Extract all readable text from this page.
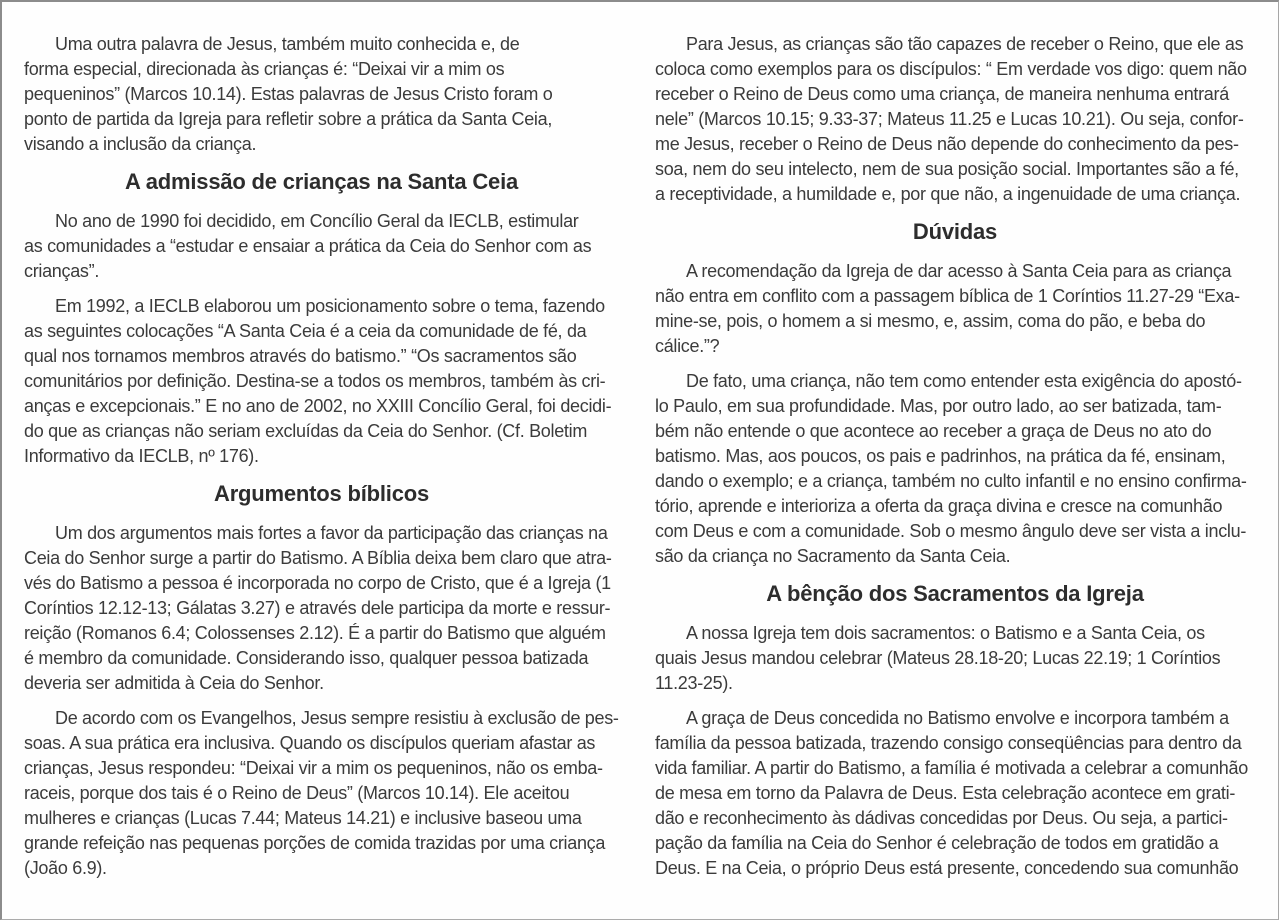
Uma outra palavra de Jesus, também muito conhecida e, de
forma especial, direcionada às crianças é: “Deixai vir a mim os
pequeninos” (Marcos 10.14). Estas palavras de Jesus Cristo foram o
ponto de partida da Igreja para refletir sobre a prática da Santa Ceia,
visando a inclusão da criança.
A admissão de crianças na Santa Ceia
No ano de 1990 foi decidido, em Concílio Geral da IECLB, estimular
as comunidades a “estudar e ensaiar a prática da Ceia do Senhor com as
crianças”.
Em 1992, a IECLB elaborou um posicionamento sobre o tema, fazendo
as seguintes colocações “A Santa Ceia é a ceia da comunidade de fé, da
qual nos tornamos membros através do batismo.” “Os sacramentos são
comunitários por definição. Destina-se a todos os membros, também às cri-
anças e excepcionais.” E no ano de 2002, no XXIII Concílio Geral, foi decidi-
do que as crianças não seriam excluídas da Ceia do Senhor. (Cf. Boletim
Informativo da IECLB, nº 176).
Argumentos bíblicos
Um dos argumentos mais fortes a favor da participação das crianças na
Ceia do Senhor surge a partir do Batismo. A Bíblia deixa bem claro que atra-
vés do Batismo a pessoa é incorporada no corpo de Cristo, que é a Igreja (1
Coríntios 12.12-13; Gálatas 3.27) e através dele participa da morte e ressur-
reição (Romanos 6.4; Colossenses 2.12). É a partir do Batismo que alguém
é membro da comunidade. Considerando isso, qualquer pessoa batizada
deveria ser admitida à Ceia do Senhor.
De acordo com os Evangelhos, Jesus sempre resistiu à exclusão de pes-
soas. A sua prática era inclusiva. Quando os discípulos queriam afastar as
crianças, Jesus respondeu: “Deixai vir a mim os pequeninos, não os emba-
raceis, porque dos tais é o Reino de Deus” (Marcos 10.14). Ele aceitou
mulheres e crianças (Lucas 7.44; Mateus 14.21) e inclusive baseou uma
grande refeição nas pequenas porções de comida trazidas por uma criança
(João 6.9).
Para Jesus, as crianças são tão capazes de receber o Reino, que ele as
coloca como exemplos para os discípulos: “ Em verdade vos digo: quem não
receber o Reino de Deus como uma criança, de maneira nenhuma entrará
nele” (Marcos 10.15; 9.33-37; Mateus 11.25 e Lucas 10.21). Ou seja, confor-
me Jesus, receber o Reino de Deus não depende do conhecimento da pes-
soa, nem do seu intelecto, nem de sua posição social. Importantes são a fé,
a receptividade, a humildade e, por que não, a ingenuidade de uma criança.
Dúvidas
A recomendação da Igreja de dar acesso à Santa Ceia para as criança
não entra em conflito com a passagem bíblica de 1 Coríntios 11.27-29 “Exa-
mine-se, pois, o homem a si mesmo, e, assim, coma do pão, e beba do
cálice.”?
De fato, uma criança, não tem como entender esta exigência do apostó-
lo Paulo, em sua profundidade. Mas, por outro lado, ao ser batizada, tam-
bém não entende o que acontece ao receber a graça de Deus no ato do
batismo. Mas, aos poucos, os pais e padrinhos, na prática da fé, ensinam,
dando o exemplo; e a criança, também no culto infantil e no ensino confirma-
tório, aprende e interioriza a oferta da graça divina e cresce na comunhão
com Deus e com a comunidade. Sob o mesmo ângulo deve ser vista a inclu-
são da criança no Sacramento da Santa Ceia.
A bênção dos Sacramentos da Igreja
A nossa Igreja tem dois sacramentos: o Batismo e a Santa Ceia, os
quais Jesus mandou celebrar (Mateus 28.18-20; Lucas 22.19; 1 Coríntios
11.23-25).
A graça de Deus concedida no Batismo envolve e incorpora também a
família da pessoa batizada, trazendo consigo conseqüências para dentro da
vida familiar. A partir do Batismo, a família é motivada a celebrar a comunhão
de mesa em torno da Palavra de Deus. Esta celebração acontece em grati-
dão e reconhecimento às dádivas concedidas por Deus. Ou seja, a partici-
pação da família na Ceia do Senhor é celebração de todos em gratidão a
Deus. E na Ceia, o próprio Deus está presente, concedendo sua comunhão
